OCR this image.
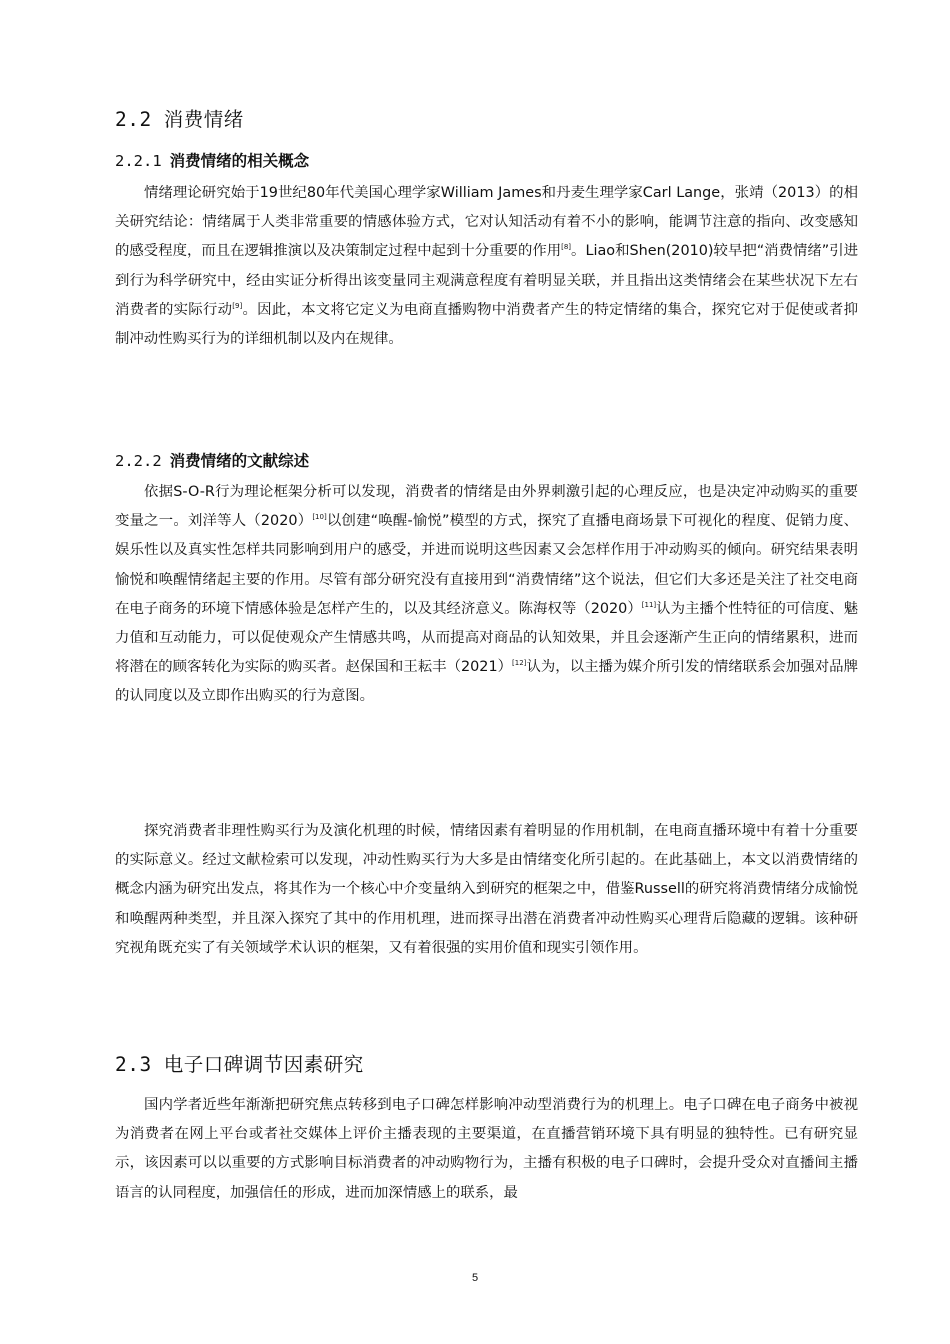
2.2 消费情绪
2.2.1 消费情绪的相关概念

情绪理论研究始于19世纪80年代美国心理学家William James和丹麦生理学家Carl Lange，张靖（2013）的相关研究结论：情绪属于人类非常重要的情感体验方式，它对认知活动有着不小的影响，能调节注意的指向、改变感知的感受程度，而且在逻辑推演以及决策制定过程中起到十分重要的作用[8]。Liao和Shen(2010)较早把“消费情绪”引进到行为科学研究中，经由实证分析得出该变量同主观满意程度有着明显关联，并且指出这类情绪会在某些状况下左右消费者的实际行动[9]。因此，本文将它定义为电商直播购物中消费者产生的特定情绪的集合，探究它对于促使或者抑制冲动性购买行为的详细机制以及内在规律。

2.2.2 消费情绪的文献综述

依据S-O-R行为理论框架分析可以发现，消费者的情绪是由外界刺激引起的心理反应，也是决定冲动购买的重要变量之一。刘洋等人（2020）[10]以创建“唤醒-愉悦”模型的方式，探究了直播电商场景下可视化的程度、促销力度、娱乐性以及真实性怎样共同影响到用户的感受，并进而说明这些因素又会怎样作用于冲动购买的倾向。研究结果表明愉悦和唤醒情绪起主要的作用。尽管有部分研究没有直接用到“消费情绪”这个说法，但它们大多还是关注了社交电商在电子商务的环境下情感体验是怎样产生的，以及其经济意义。陈海权等（2020）[11]认为主播个性特征的可信度、魅力值和互动能力，可以促使观众产生情感共鸣，从而提高对商品的认知效果，并且会逐渐产生正向的情绪累积，进而将潜在的顾客转化为实际的购买者。赵保国和王耘丰（2021）[12]认为，以主播为媒介所引发的情绪联系会加强对品牌的认同度以及立即作出购买的行为意图。

探究消费者非理性购买行为及演化机理的时候，情绪因素有着明显的作用机制，在电商直播环境中有着十分重要的实际意义。经过文献检索可以发现，冲动性购买行为大多是由情绪变化所引起的。在此基础上，本文以消费情绪的概念内涵为研究出发点，将其作为一个核心中介变量纳入到研究的框架之中，借鉴Russell的研究将消费情绪分成愉悦和唤醒两种类型，并且深入探究了其中的作用机理，进而探寻出潜在消费者冲动性购买心理背后隐藏的逻辑。该种研究视角既充实了有关领域学术认识的框架，又有着很强的实用价值和现实引领作用。

2.3 电子口碑调节因素研究

国内学者近些年渐渐把研究焦点转移到电子口碑怎样影响冲动型消费行为的机理上。电子口碑在电子商务中被视为消费者在网上平台或者社交媒体上评价主播表现的主要渠道，在直播营销环境下具有明显的独特性。已有研究显示，该因素可以以重要的方式影响目标消费者的冲动购物行为，主播有积极的电子口碑时，会提升受众对直播间主播语言的认同程度，加强信任的形成，进而加深情感上的联系，最

5
